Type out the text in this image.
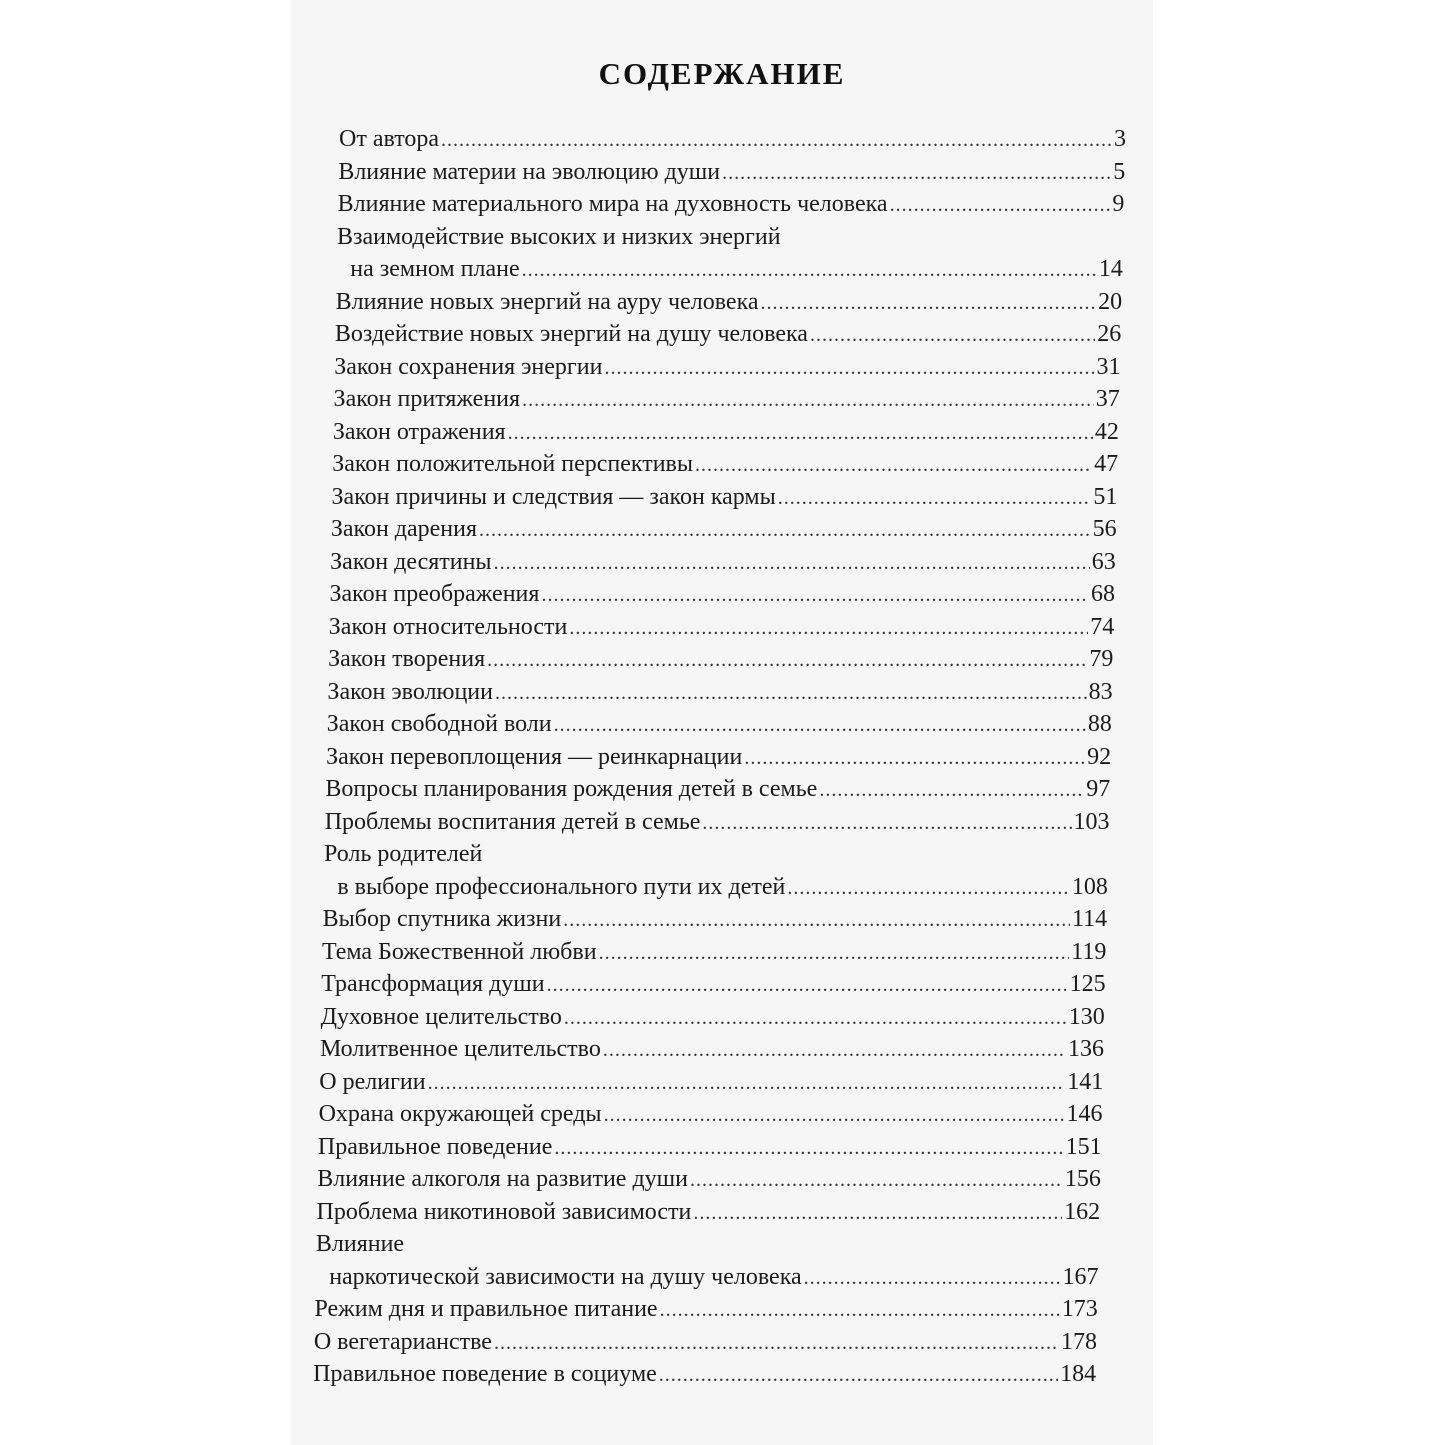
СОДЕРЖАНИЕ
От автора .....	3
Влияние материи на эволюцию души .....	5
Влияние материального мира на духовность человека .....	9
Взаимодействие высоких и низких энергий
на земном плане .....	14
Влияние новых энергий на ауру человека .....	20
Воздействие новых энергий на душу человека .....	26
Закон сохранения энергии .....	31
Закон притяжения .....	37
Закон отражения .....	42
Закон положительной перспективы .....	47
Закон причины и следствия — закон кармы .....	51
Закон дарения .....	56
Закон десятины .....	63
Закон преображения .....	68
Закон относительности .....	74
Закон творения .....	79
Закон эволюции .....	83
Закон свободной воли .....	88
Закон перевоплощения — реинкарнации .....	92
Вопросы планирования рождения детей в семье .....	97
Проблемы воспитания детей в семье .....	103
Роль родителей
в выборе профессионального пути их детей .....	108
Выбор спутника жизни .....	114
Тема Божественной любви .....	119
Трансформация души .....	125
Духовное целительство .....	130
Молитвенное целительство .....	136
О религии .....	141
Охрана окружающей среды .....	146
Правильное поведение .....	151
Влияние алкоголя на развитие души .....	156
Проблема никотиновой зависимости .....	162
Влияние
наркотической зависимости на душу человека .....	167
Режим дня и правильное питание .....	173
О вегетарианстве .....	178
Правильное поведение в социуме .....	184
